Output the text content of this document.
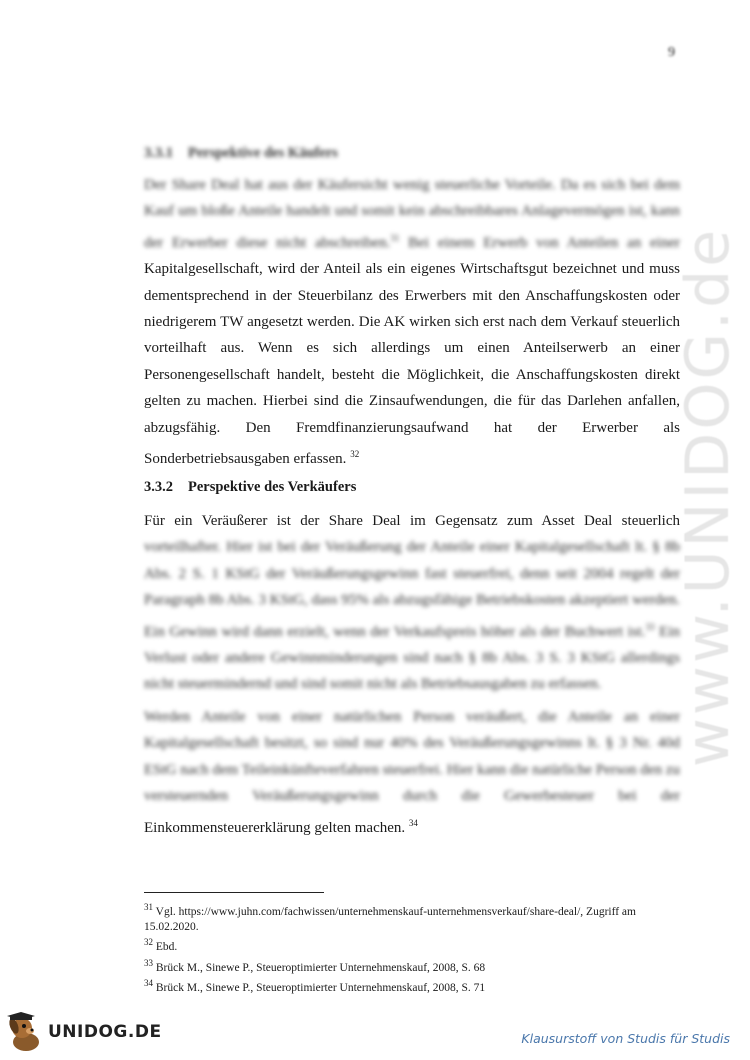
9
3.3.1 Perspektive des Käufers
Der Share Deal hat aus der Käufersicht wenig steuerliche Vorteile. Da es sich bei dem Kauf um bloße Anteile handelt und somit kein abschreibbares Anlagevermögen ist, kann der Erwerber diese nicht abschreiben.$^{31}$ Bei einem Erwerb von Anteilen an einer Kapitalgesellschaft, wird der Anteil als ein eigenes Wirtschaftsgut bezeichnet und muss dementsprechend in der Steuerbilanz des Erwerbers mit den Anschaffungskosten oder niedrigerem TW angesetzt werden. Die AK wirken sich erst nach dem Verkauf steuerlich vorteilhaft aus. Wenn es sich allerdings um einen Anteilserwerb an einer Personengesellschaft handelt, besteht die Möglichkeit, die Anschaffungskosten direkt gelten zu machen. Hierbei sind die Zinsaufwendungen, die für das Darlehen anfallen, abzugsfähig. Den Fremdfinanzierungsaufwand hat der Erwerber als Sonderbetriebsausgaben erfassen. $^{32}$
3.3.2 Perspektive des Verkäufers
Für ein Veräußerer ist der Share Deal im Gegensatz zum Asset Deal steuerlich vorteilhafter. Hier ist bei der Veräußerung der Anteile einer Kapitalgesellschaft lt. § 8b Abs. 2 S. 1 KStG der Veräußerungsgewinn fast steuerfrei, denn seit 2004 regelt der Paragraph 8b Abs. 3 KStG, dass 95% als abzugsfähige Betriebskosten akzeptiert werden. Ein Gewinn wird dann erzielt, wenn der Verkaufspreis höher als der Buchwert ist.$^{33}$ Ein Verlust oder andere Gewinnminderungen sind nach § 8b Abs. 3 S. 3 KStG allerdings nicht steuermindernd und sind somit nicht als Betriebsausgaben zu erfassen.
Werden Anteile von einer natürlichen Person veräußert, die Anteile an einer Kapitalgesellschaft besitzt, so sind nur 40% des Veräußerungsgewinns lt. § 3 Nr. 40d EStG nach dem Teileinkünfteverfahren steuerfrei. Hier kann die natürliche Person den zu versteuernden Veräußerungsgewinn durch die Gewerbesteuer bei der Einkommensteuererklärung gelten machen. $^{34}$
www.UNIDOG.de

$^{31}$ Vgl. https://www.juhn.com/fachwissen/unternehmenskauf-unternehmensverkauf/share-deal/, Zugriff am 15.02.2020.

$^{32}$ Ebd.

$^{33}$ Brück M., Sinewe P., Steueroptimierter Unternehmenskauf, 2008, S. 68

$^{34}$ Brück M., Sinewe P., Steueroptimierter Unternehmenskauf, 2008, S. 71

UNIDOG.DE	Klausurstoff von Studis für Studis
